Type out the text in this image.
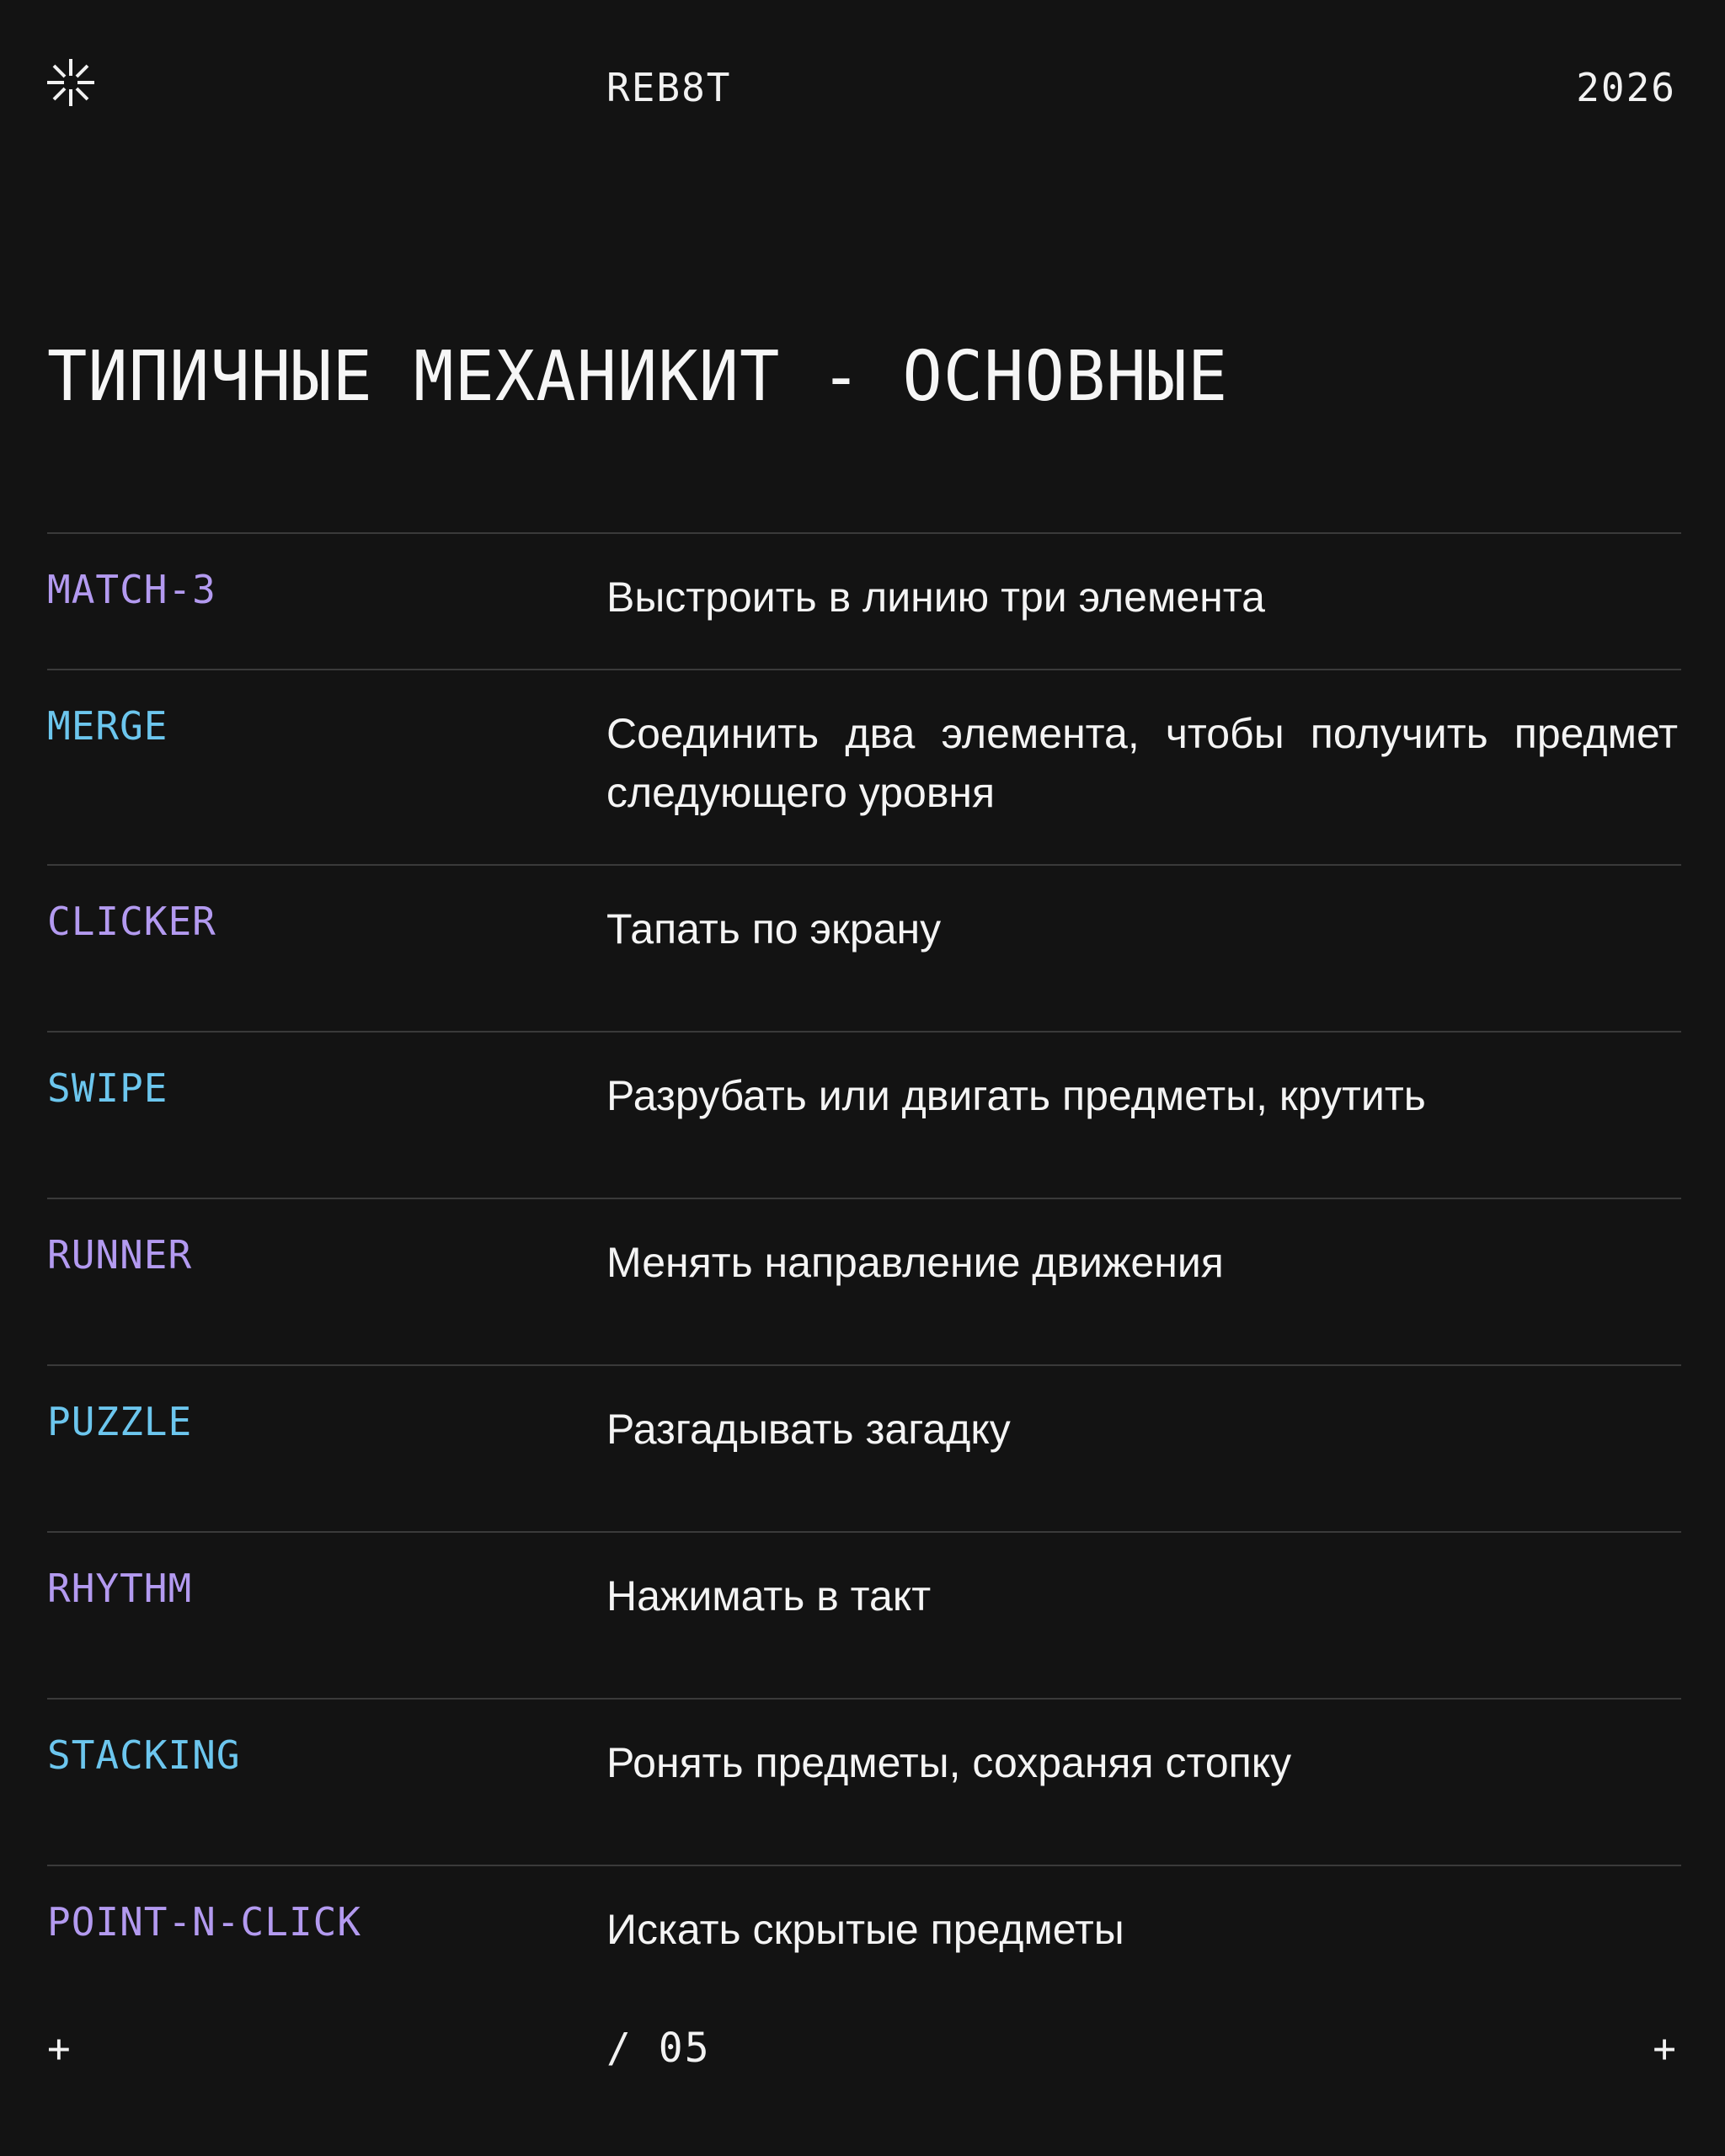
REB8T	2026
ТИПИЧНЫЕ МЕХАНИКИТ - ОСНОВНЫЕ
MATCH-3	Выстроить в линию три элемента
MERGE	Соединить два элемента, чтобы получить предмет следующего уровня
CLICKER	Тапать по экрану
SWIPE	Разрубать или двигать предметы, крутить
RUNNER	Менять направление движения
PUZZLE	Разгадывать загадку
RHYTHM	Нажимать в такт
STACKING	Ронять предметы, сохраняя стопку
POINT-N-CLICK	Искать скрытые предметы
+	/ 05	+
